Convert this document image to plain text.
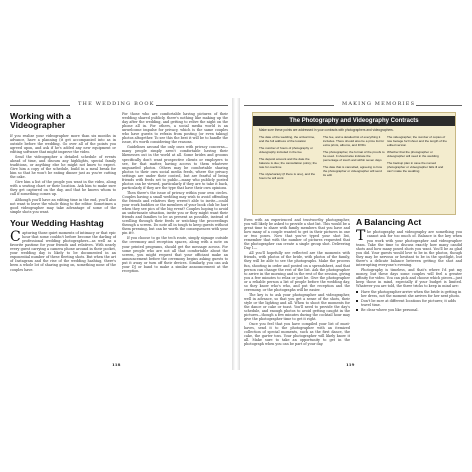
THE WEDDING BOOK
Working with a Videographer

If you realize your videographer more than six months in advance, have a planning (it get accompanied into as in outside before the wedding. Go over all of the points you agreed upon, and ask if he's added any new equipment or editing software that might improve the video.

Send the videographer a detailed schedule of events ahead of time, and discuss any highlights, special family traditions, or anything else he might not know to expect. Give him a copy of the schedule, build in a meal break for him so that he won't be eating dinner just as you're cutting the cake.

Give him a list of the people you want in the video, along with a seating chart or their location. Ask him to make sure they get captured on the day, and that he knows whom to call if something comes up.

Although you'll have an editing time in the end, you'll also not want to leave the whole thing to the editor. Sometimes a good videographer may take advantage of some of the simple shots you want.

Your Wedding Hashtag

Capturing those quiet moments of intimacy or that epic hour that some couldn't before become the darling of professional wedding photographers—as well as a favorite pastime for your friends and relatives. With nearly every guest carrying a camera phone around in their pocket, your wedding day is likely to be documented in an exponential number of these fleeting shots. But when the art of Instagram and the rise of the wedding hashtag, there's been a whole lot of sharing going on, something none of the couples have.

For those who are comfortable having pictures of their wedding shared publicly, there's nothing like making up the day after the wedding, and getting to relive the night on the phone all in. For others, a social media world is an unwelcome impulse for privacy, which is the same couples who have guests to refrain from posting (or even taking) photos altogether. To see this the best it will be to handle the issue, it's worth considering the reasons.

Guidelines around the only ones with privacy concerns—many people simply aren't comfortable having their likenesses out in the world at all. Some brides and grooms specifically don't want prospective clients or employers to see, for that matter, having access to them whatever unguarded photos. Others may be comfortable sharing photos to their own social media feeds, where the privacy settings are under their control, but are fearful of being friends with feeds set to public—many who publicly posted photos can be viewed, particularly if they are to take it back, particularly if they are the type that have their own opinions.

Then there's the issue of privacy within your own circles. Couples having a small wedding may wish to avoid offending the friends and relatives they weren't able to invite—could your work buddies or the members of your book club be hurt when they see pics of the big event? Couples hoping to avoid an unfortunate situation, invite you or they might want their friends and families to be as present as possible, instead of scrolling through their feeds or watching the proceedings through a screen. Do note all in tough to keep guests without them pressing, but can be worth the consequences with your pin #9.

If you choose to go the tech route, simply signage outside the ceremony and reception spaces, along with a note on your printed programs, should get the message across. For some people who are not all that comfortable about the screen, you might request that your officiant make an announcement before the ceremony begins asking guests to put it away or turn off their devices. Similarly, you can ask your DJ or band to make a similar announcement at the reception.

118
MAKING MEMORIES
The Photography and Videography Contracts
Make sure these points are addressed in your contracts with photographers and videographers.
The date of the wedding, the arrival time, and the full address of the location
The number of hours of photography or videography included in the fee
The deposit amount and the date the balance is due; the cancellation policy; the rate for overtime
The style/variety (if there is one), and the hours he will work
The fee, and a detailed list of everything it includes. There should also be a price list for extra prints, albums, and DVDs
The photographer, the format of the proofs to be used. It should also indicate the percentage of touch and within seven days
The date that is cancelled, agreeing to how the photographer or videographer will send its edit
The videographer, the number of copies of raw footage he'll shoot and the length of the edited version
Whether that the photographer or videographer will need in the wedding
The backup plan in case the named photographer or videographer falls ill and can't make the wedding

Even with an experienced and trustworthy photographer, you will likely be asked to provide a shot list. This would be a great time to share with family members that you have and how many of a couple wanted to get in their pictures in one or two poses. Now that you've typed your shot list, remember that with the number of pictures requested that the photographer can create a single group shot. Delivering Day 1—

All you'll hopefully see reflected are the moments with friends, with photos of the bride, with photos of the family, they will be able to see the photographs. Make the process fun, shooting in order and posted on a spreadsheet, and that person can change the rest of the list. Ask the photographer to arrive in the morning and in the rest of the session, giving you a few minutes to relax or just be. Give the photographer or a reliable person a list of people before the wedding day, so they know who's who, and put the reception and the ceremony, or the photographs will be easier.

The key is to ask your photographer and videographer, well in advance, so that you get a sense of the shots, their style or the lighting and all. When to shoot the moments for the dance or cake or toast. You'll need to provide the day's schedule, and enough photos to avoid getting caught in the pictures—though a few minutes during the cocktail hour may give the photographer time to get it right.

Once you feel that you have compiled your list of must-haves, send it to the photographer with an itemized collection of special moments, such as the first dance, the cake, the garter toss. Your photographer will likely know it all. Make sure to take an opportunity to get in the photograph when you can be part of your day.

A Balancing Act

The photography and videography are something you cannot ask for too much of. Balance is the key when you work with your photographer and videographer team. Take the time to discuss exactly how many candid shots and how many posed shots you want. You'll be as glad you did. Your guests would love to be in the photos, though they may be nervous or hesitant to be in the spotlight, but there's a delicate balance between getting the shot and interrupting everyone's evening.

Photography is timeless, and that's where I'd put my money, but these days some couples will feel a greater affinity for video. You can pick and choose which pieces—just keep those in mind, especially if your budget is limited. Whatever you are told, the three tricks to keep in mind are:

Have the photographer arrive when the bride is getting in her dress, not the moment she arrives for her next photo.
Don't be sure at different locations for pictures; it adds travel time.
Be clear where you like personal.
119
